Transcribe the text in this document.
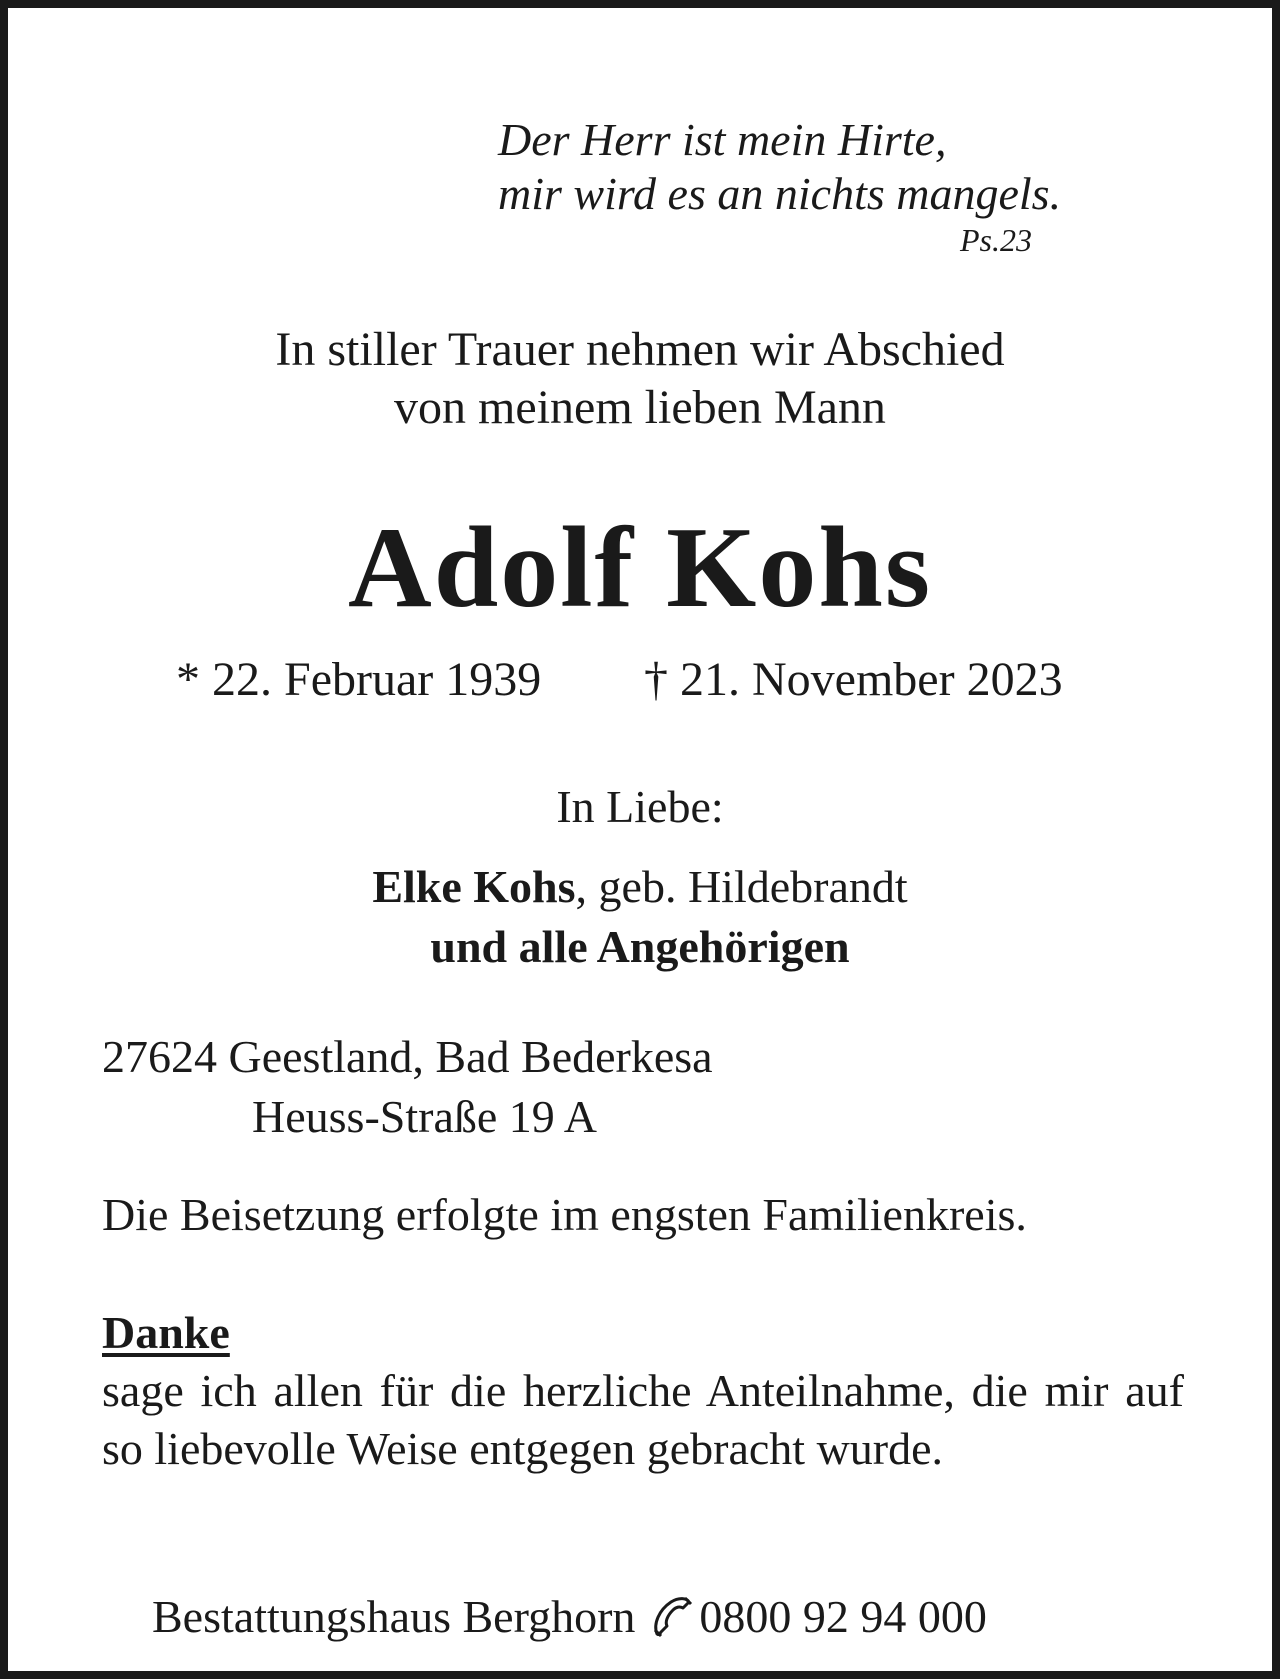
Der Herr ist mein Hirte,
mir wird es an nichts mangels.
Ps.23
In stiller Trauer nehmen wir Abschied
von meinem lieben Mann
Adolf Kohs
* 22. Februar 1939 † 21. November 2023
In Liebe:
Elke Kohs, geb. Hildebrandt
und alle Angehörigen
27624 Geestland, Bad Bederkesa
Heuss-Straße 19 A
Die Beisetzung erfolgte im engsten Familienkreis.
Danke
sage ich allen für die herzliche Anteilnahme, die mir auf so liebevolle Weise entgegen gebracht wurde.
Bestattungshaus Berghorn 0800 92 94 000
